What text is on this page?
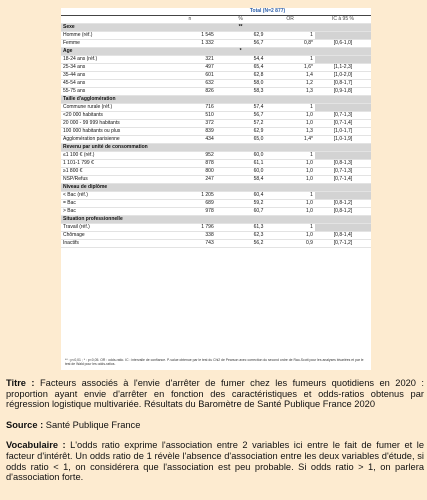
	Total (N=2 877)			
	n	%	OR	IC à 95 %
Sexe		**		
Homme (réf.)	1 545	62,9	1	
Femme	1 332	56,7	0,8*	[0,6-1,0]
Age		*		
18-24 ans (réf.)	321	54,4	1	
25-34 ans	497	65,4	1,6*	[1,1-2,3]
35-44 ans	601	62,8	1,4	[1,0-2,0]
45-54 ans	632	58,0	1,2	[0,8-1,7]
55-75 ans	826	58,3	1,3	[0,9-1,8]
Taille d'agglomération				
Commune rurale (réf.)	716	57,4	1	
<20 000 habitants	510	56,7	1,0	[0,7-1,3]
20 000 - 99 999 habitants	372	57,2	1,0	[0,7-1,4]
100 000 habitants ou plus	839	62,9	1,3	[1,0-1,7]
Agglomération parisienne	434	65,0	1,4*	[1,0-1,9]
Revenu par unité de consommation				
≤1 100 € (réf.)	952	60,0	1	
1 101-1 799 €	878	61,1	1,0	[0,8-1,3]
≥1 800 €	800	60,0	1,0	[0,7-1,3]
NSP/Refus	247	58,4	1,0	[0,7-1,4]
Niveau de diplôme				
< Bac (réf.)	1 205	60,4	1	
= Bac	689	59,2	1,0	[0,8-1,2]
> Bac	978	60,7	1,0	[0,8-1,2]
Situation professionnelle				
Travail (réf.)	1 796	61,3	1	
Chômage	338	62,3	1,0	[0,8-1,4]
Inactifs	743	56,2	0,9	[0,7-1,2]
** : p<0,01 ; * : p<0,05. OR : odds-ratio. IC : intervalle de confiance. P-value obtenue par le test du Chi2 de Pearson avec correction du second ordre de Rao-Scott pour les analyses bivariées et par le test de Wald pour les odds-ratios.
Titre : Facteurs associés à l'envie d'arrêter de fumer chez les fumeurs quotidiens en 2020 : proportion ayant envie d'arrêter en fonction des caractéristiques et odds-ratios obtenus par régression logistique multivariée. Résultats du Baromètre de Santé Publique France 2020
Source : Santé Publique France
Vocabulaire : L'odds ratio exprime l'association entre 2 variables ici entre le fait de fumer et le facteur d'intérêt. Un odds ratio de 1 révèle l'absence d'association entre les deux variables d'étude, si odds ratio < 1, on considérera que l'association est peu probable. Si odds ratio > 1, on parlera d'association forte.
